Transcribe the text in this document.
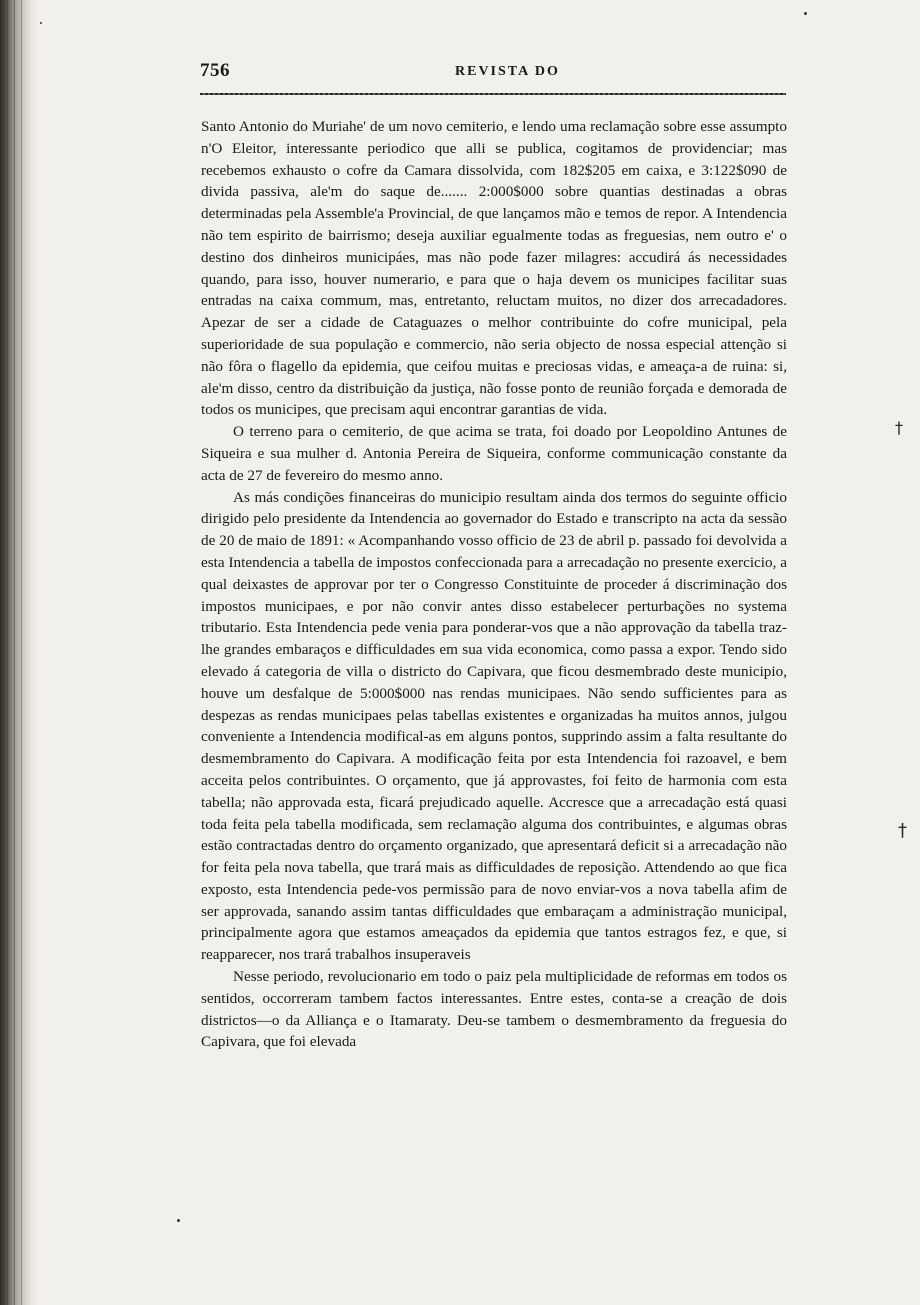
756	REVISTA DO

Santo Antonio do Muriahe' de um novo cemiterio, e lendo uma reclamação sobre esse assumpto n'O Eleitor, interessante periodico que alli se publica, cogitamos de providenciar; mas recebemos exhausto o cofre da Camara dissolvida, com 182$205 em caixa, e 3:122$090 de divida passiva, ale'm do saque de....... 2:000$000 sobre quantias destinadas a obras determinadas pela Assemble'a Provincial, de que lançamos mão e temos de repor. A Intendencia não tem espirito de bairrismo; deseja auxiliar egualmente todas as freguesias, nem outro e' o destino dos dinheiros municipáes, mas não pode fazer milagres: accudirá ás necessidades quando, para isso, houver numerario, e para que o haja devem os municipes facilitar suas entradas na caixa commum, mas, entretanto, reluctam muitos, no dizer dos arrecadadores. Apezar de ser a cidade de Cataguazes o melhor contribuinte do cofre municipal, pela superioridade de sua população e commercio, não seria objecto de nossa especial attenção si não fôra o flagello da epidemia, que ceifou muitas e preciosas vidas, e ameaça-a de ruina: si, ale'm disso, centro da distribuição da justiça, não fosse ponto de reunião forçada e demorada de todos os municipes, que precisam aqui encontrar garantias de vida.

O terreno para o cemiterio, de que acima se trata, foi doado por Leopoldino Antunes de Siqueira e sua mulher d. Antonia Pereira de Siqueira, conforme communicação constante da acta de 27 de fevereiro do mesmo anno.

As más condições financeiras do municipio resultam ainda dos termos do seguinte officio dirigido pelo presidente da Intendencia ao governador do Estado e transcripto na acta da sessão de 20 de maio de 1891: « Acompanhando vosso officio de 23 de abril p. passado foi devolvida a esta Intendencia a tabella de impostos confeccionada para a arrecadação no presente exercicio, a qual deixastes de approvar por ter o Congresso Constituinte de proceder á discriminação dos impostos municipaes, e por não convir antes disso estabelecer perturbações no systema tributario. Esta Intendencia pede venia para ponderar-vos que a não approvação da tabella traz-lhe grandes embaraços e difficuldades em sua vida economica, como passa a expor. Tendo sido elevado á categoria de villa o districto do Capivara, que ficou desmembrado deste municipio, houve um desfalque de 5:000$000 nas rendas municipaes. Não sendo sufficientes para as despezas as rendas municipaes pelas tabellas existentes e organizadas ha muitos annos, julgou conveniente a Intendencia modifical-as em alguns pontos, supprindo assim a falta resultante do desmembramento do Capivara. A modificação feita por esta Intendencia foi razoavel, e bem acceita pelos contribuintes. O orçamento, que já approvastes, foi feito de harmonia com esta tabella; não approvada esta, ficará prejudicado aquelle. Accresce que a arrecadação está quasi toda feita pela tabella modificada, sem reclamação alguma dos contribuintes, e algumas obras estão contractadas dentro do orçamento organizado, que apresentará deficit si a arrecadação não for feita pela nova tabella, que trará mais as difficuldades de reposição. Attendendo ao que fica exposto, esta Intendencia pede-vos permissão para de novo enviar-vos a nova tabella afim de ser approvada, sanando assim tantas difficuldades que embaraçam a administração municipal, principalmente agora que estamos ameaçados da epidemia que tantos estragos fez, e que, si reapparecer, nos trará trabalhos insuperaveis

Nesse periodo, revolucionario em todo o paiz pela multiplicidade de reformas em todos os sentidos, occorreram tambem factos interessantes. Entre estes, conta-se a creação de dois districtos—o da Alliança e o Itamaraty. Deu-se tambem o desmembramento da freguesia do Capivara, que foi elevada

†
†
